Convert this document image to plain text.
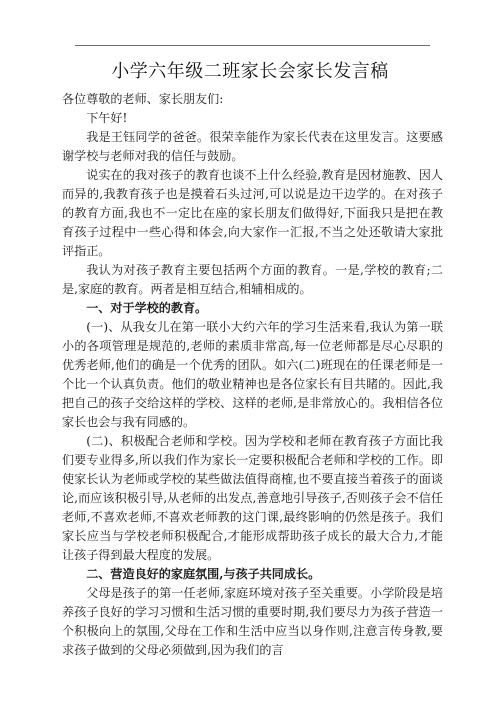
小学六年级二班家长会家长发言稿

各位尊敬的老师、家长朋友们:

下午好!

我是王钰同学的爸爸。很荣幸能作为家长代表在这里发言。这要感谢学校与老师对我的信任与鼓励。

说实在的我对孩子的教育也谈不上什么经验,教育是因材施教、因人而异的,我教育孩子也是摸着石头过河,可以说是边干边学的。在对孩子的教育方面,我也不一定比在座的家长朋友们做得好,下面我只是把在教育孩子过程中一些心得和体会,向大家作一汇报,不当之处还敬请大家批评指正。

我认为对孩子教育主要包括两个方面的教育。一是,学校的教育;二是,家庭的教育。两者是相互结合,相辅相成的。

一、对于学校的教育。

(一)、从我女儿在第一联小大约六年的学习生活来看,我认为第一联小的各项管理是规范的,老师的素质非常高,每一位老师都是尽心尽职的优秀老师,他们的确是一个优秀的团队。如六(二)班现在的任课老师是一个比一个认真负责。他们的敬业精神也是各位家长有目共睹的。因此,我把自己的孩子交给这样的学校、这样的老师,是非常放心的。我相信各位家长也会与我有同感的。

(二)、积极配合老师和学校。因为学校和老师在教育孩子方面比我们要专业得多,所以我们作为家长一定要积极配合老师和学校的工作。即使家长认为老师或学校的某些做法值得商榷,也不要直接当着孩子的面谈论,而应该积极引导,从老师的出发点,善意地引导孩子,否则孩子会不信任老师,不喜欢老师,不喜欢老师教的这门课,最终影响的仍然是孩子。我们家长应当与学校老师积极配合,才能形成帮助孩子成长的最大合力,才能让孩子得到最大程度的发展。

二、营造良好的家庭氛围,与孩子共同成长。

父母是孩子的第一任老师,家庭环境对孩子至关重要。小学阶段是培养孩子良好的学习习惯和生活习惯的重要时期,我们要尽力为孩子营造一个积极向上的氛围,父母在工作和生活中应当以身作则,注意言传身教,要求孩子做到的父母必须做到,因为我们的言
